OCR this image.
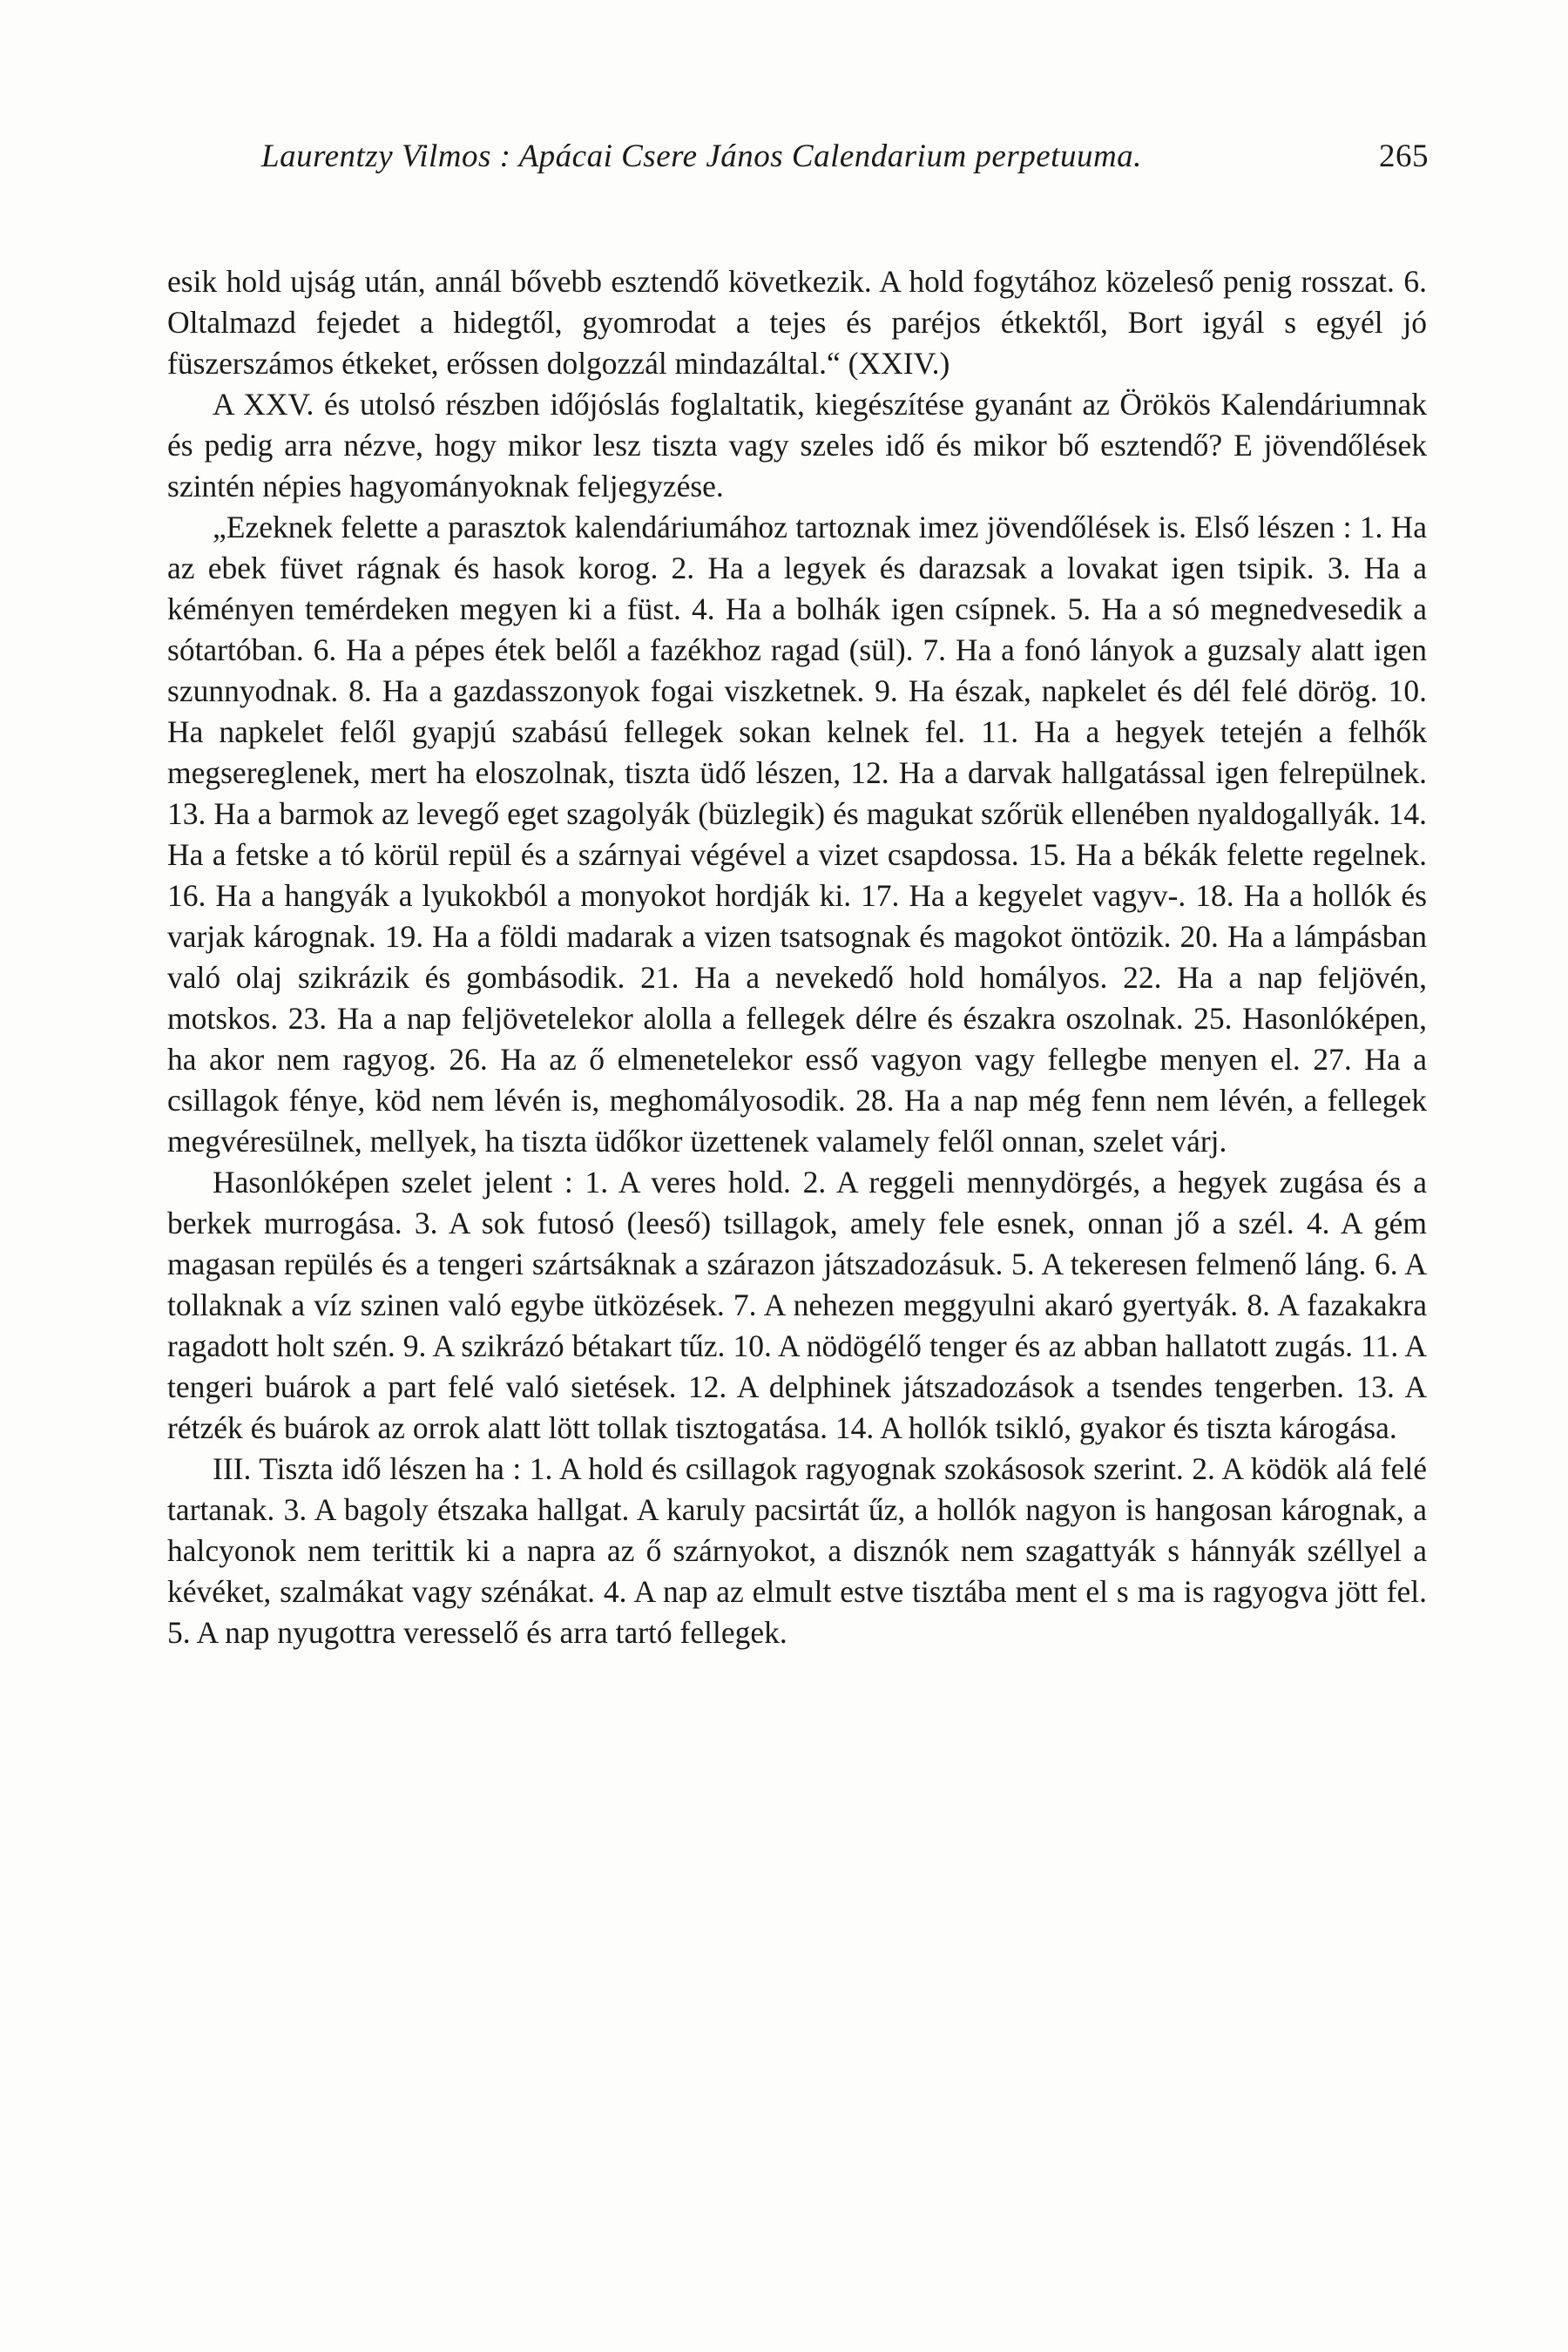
Laurentzy Vilmos : Apácai Csere János Calendarium perpetuuma.	265

esik hold ujság után, annál bővebb esztendő következik. A hold fogytához közeleső penig rosszat. 6. Oltalmazd fejedet a hidegtől, gyomrodat a tejes és paréjos étkektől, Bort igyál s egyél jó füszerszámos étkeket, erőssen dolgozzál mindazáltal.“ (XXIV.)

A XXV. és utolsó részben időjóslás foglaltatik, kiegészítése gyanánt az Örökös Kalendáriumnak és pedig arra nézve, hogy mikor lesz tiszta vagy szeles idő és mikor bő esztendő? E jövendőlések szintén népies hagyományoknak feljegyzése.

„Ezeknek felette a parasztok kalendáriumához tartoznak imez jövendőlések is. Első lészen : 1. Ha az ebek füvet rágnak és hasok korog. 2. Ha a legyek és darazsak a lovakat igen tsipik. 3. Ha a kéményen temérdeken megyen ki a füst. 4. Ha a bolhák igen csípnek. 5. Ha a só megnedvesedik a sótartóban. 6. Ha a pépes étek belől a fazékhoz ragad (sül). 7. Ha a fonó lányok a guzsaly alatt igen szunnyodnak. 8. Ha a gazdasszonyok fogai viszketnek. 9. Ha észak, napkelet és dél felé dörög. 10. Ha napkelet felől gyapjú szabású fellegek sokan kelnek fel. 11. Ha a hegyek tetején a felhők megsereglenek, mert ha eloszolnak, tiszta üdő lészen, 12. Ha a darvak hallgatással igen felrepülnek. 13. Ha a barmok az levegő eget szagolyák (büzlegik) és magukat szőrük ellenében nyaldogallyák. 14. Ha a fetske a tó körül repül és a szárnyai végével a vizet csapdossa. 15. Ha a békák felette regelnek. 16. Ha a hangyák a lyukokból a monyokot hordják ki. 17. Ha a kegyelet vagyv-. 18. Ha a hollók és varjak kárognak. 19. Ha a földi madarak a vizen tsatsognak és magokot öntözik. 20. Ha a lámpásban való olaj szikrázik és gombásodik. 21. Ha a nevekedő hold homályos. 22. Ha a nap feljövén, motskos. 23. Ha a nap feljövetelekor alolla a fellegek délre és északra oszolnak. 25. Hasonlóképen, ha akor nem ragyog. 26. Ha az ő elmenetelekor esső vagyon vagy fellegbe menyen el. 27. Ha a csillagok fénye, köd nem lévén is, meghomályosodik. 28. Ha a nap még fenn nem lévén, a fellegek megvéresülnek, mellyek, ha tiszta üdőkor üzettenek valamely felől onnan, szelet várj.

Hasonlóképen szelet jelent : 1. A veres hold. 2. A reggeli mennydörgés, a hegyek zugása és a berkek murrogása. 3. A sok futosó (leeső) tsillagok, amely fele esnek, onnan jő a szél. 4. A gém magasan repülés és a tengeri szártsáknak a szárazon játszadozásuk. 5. A tekeresen felmenő láng. 6. A tollaknak a víz szinen való egybe ütközések. 7. A nehezen meggyulni akaró gyertyák. 8. A fazakakra ragadott holt szén. 9. A szikrázó bétakart tűz. 10. A nödögélő tenger és az abban hallatott zugás. 11. A tengeri buárok a part felé való sietések. 12. A delphinek játszadozások a tsendes tengerben. 13. A rétzék és buárok az orrok alatt lött tollak tisztogatása. 14. A hollók tsikló, gyakor és tiszta károgása.

III. Tiszta idő lészen ha : 1. A hold és csillagok ragyognak szokásosok szerint. 2. A ködök alá felé tartanak. 3. A bagoly étszaka hallgat. A karuly pacsirtát űz, a hollók nagyon is hangosan kárognak, a halcyonok nem terittik ki a napra az ő szárnyokot, a disznók nem szagattyák s hánnyák széllyel a kévéket, szalmákat vagy szénákat. 4. A nap az elmult estve tisztába ment el s ma is ragyogva jött fel. 5. A nap nyugottra veresselő és arra tartó fellegek.
